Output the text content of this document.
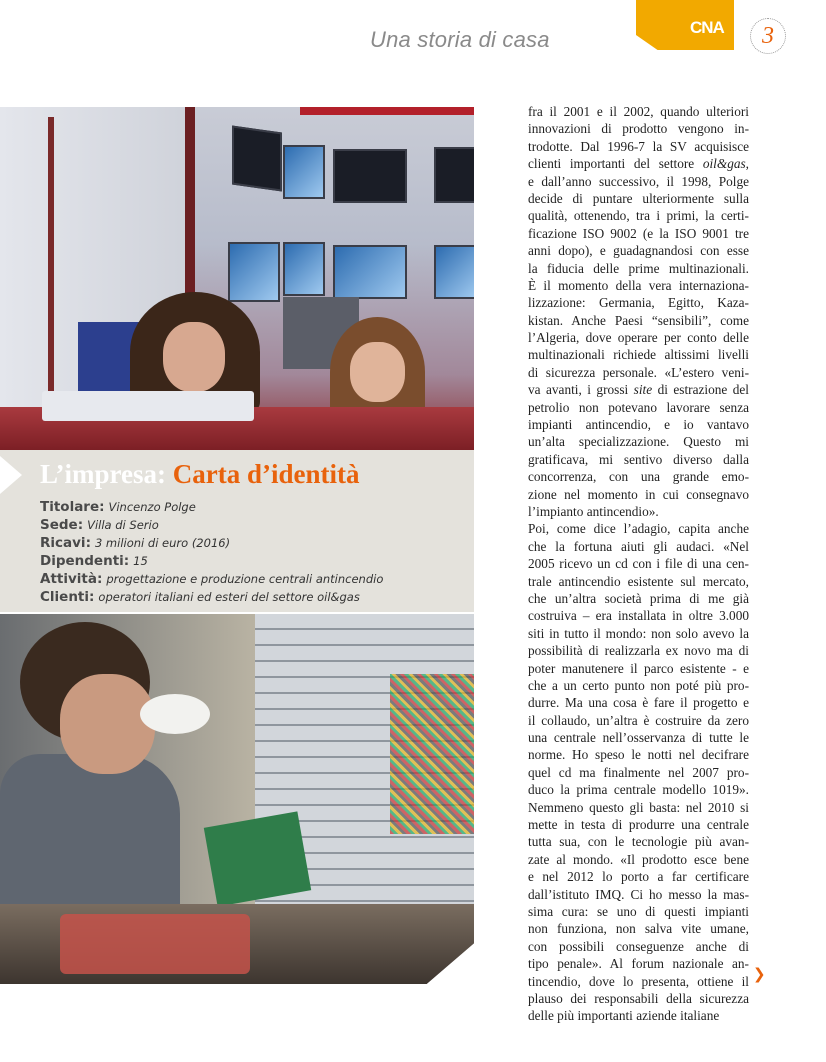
Una storia di casa	CNA	3
L’impresa: Carta d’identità
Titolare: Vincenzo Polge
Sede: Villa di Serio
Ricavi: 3 milioni di euro (2016)
Dipendenti: 15
Attività: progettazione e produzione centrali antincendio
Clienti: operatori italiani ed esteri del settore oil&gas
fra il 2001 e il 2002, quando ulteriori
innovazioni di prodotto vengono in-
trodotte. Dal 1996-7 la SV acquisisce
clienti importanti del settore oil&gas,
e dall’anno successivo, il 1998, Polge
decide di puntare ulteriormente sulla
qualità, ottenendo, tra i primi, la certi-
ficazione ISO 9002 (e la ISO 9001 tre
anni dopo), e guadagnandosi con esse
la fiducia delle prime multinazionali.
È il momento della vera internaziona-
lizzazione: Germania, Egitto, Kaza-
kistan. Anche Paesi “sensibili”, come
l’Algeria, dove operare per conto delle
multinazionali richiede altissimi livelli
di sicurezza personale. «L’estero veni-
va avanti, i grossi site di estrazione del
petrolio non potevano lavorare senza
impianti antincendio, e io vantavo
un’alta specializzazione. Questo mi
gratificava, mi sentivo diverso dalla
concorrenza, con una grande emo-
zione nel momento in cui consegnavo
l’impianto antincendio».
Poi, come dice l’adagio, capita anche
che la fortuna aiuti gli audaci. «Nel
2005 ricevo un cd con i file di una cen-
trale antincendio esistente sul mercato,
che un’altra società prima di me già
costruiva – era installata in oltre 3.000
siti in tutto il mondo: non solo avevo la
possibilità di realizzarla ex novo ma di
poter manutenere il parco esistente - e
che a un certo punto non poté più pro-
durre. Ma una cosa è fare il progetto e
il collaudo, un’altra è costruire da zero
una centrale nell’osservanza di tutte le
norme. Ho speso le notti nel decifrare
quel cd ma finalmente nel 2007 pro-
duco la prima centrale modello 1019».
Nemmeno questo gli basta: nel 2010 si
mette in testa di produrre una centrale
tutta sua, con le tecnologie più avan-
zate al mondo. «Il prodotto esce bene
e nel 2012 lo porto a far certificare
dall’istituto IMQ. Ci ho messo la mas-
sima cura: se uno di questi impianti
non funziona, non salva vite umane,
con possibili conseguenze anche di
tipo penale». Al forum nazionale an-
tincendio, dove lo presenta, ottiene il
plauso dei responsabili della sicurezza
delle più importanti aziende italiane
❯
